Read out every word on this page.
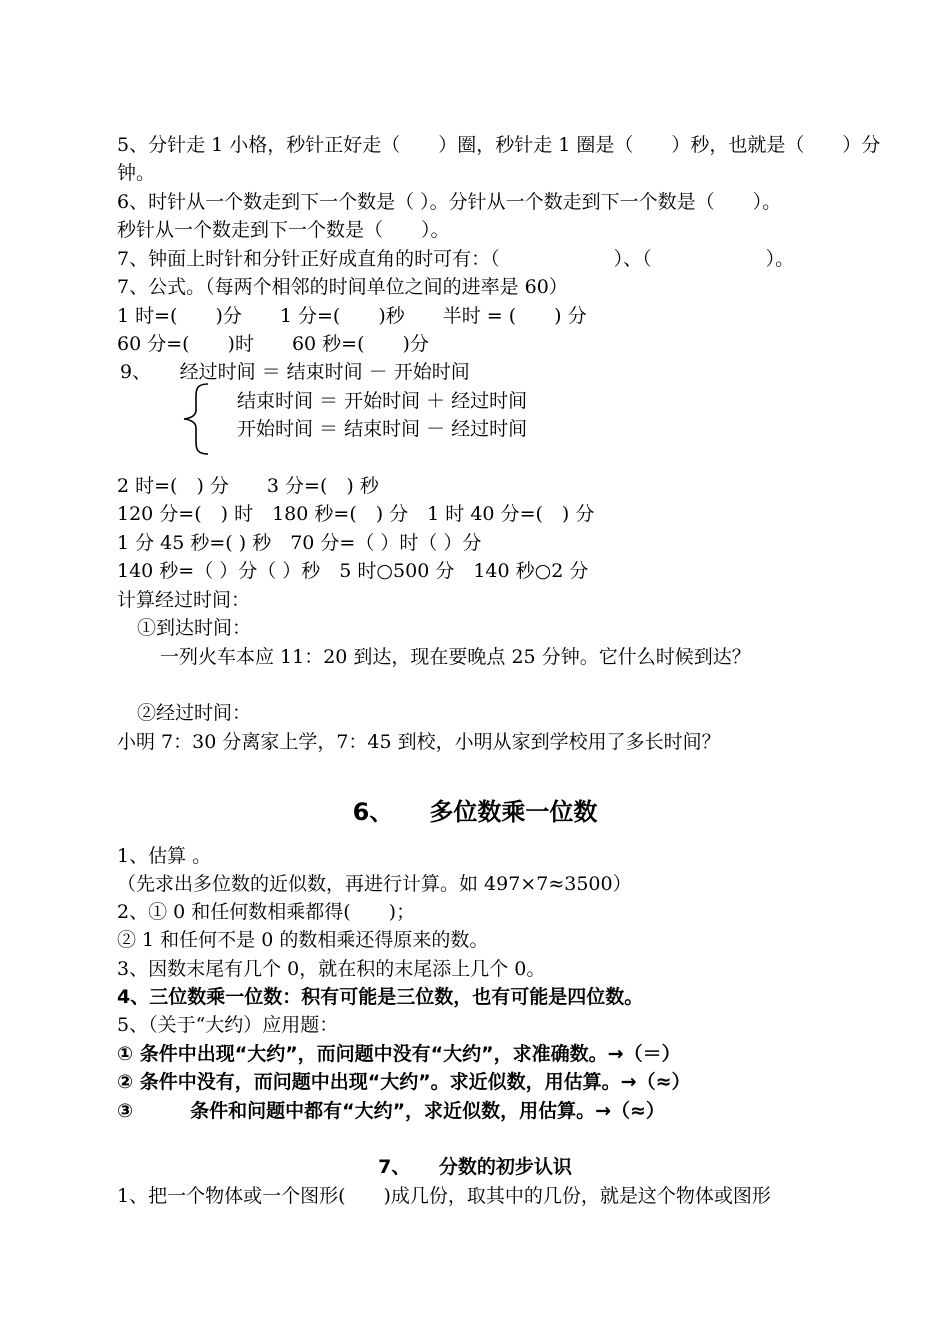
5、分针走 1 小格，秒针正好走（　　）圈，秒针走 1 圈是（　　）秒，也就是（　　）分

钟。

6、时针从一个数走到下一个数是（ ）。分针从一个数走到下一个数是（　　）。

秒针从一个数走到下一个数是（　　）。

7、钟面上时针和分针正好成直角的时可有：（　　　　　　）、（　　　　　　）。

7、公式。（每两个相邻的时间单位之间的进率是 60）

1 时=(　　)分　　1 分=(　　)秒　　半时 = (　　) 分

60 分=(　　)时　　60 秒=(　　)分

9、　　经过时间 ＝ 结束时间 － 开始时间

结束时间 ＝ 开始时间 ＋ 经过时间

开始时间 ＝ 结束时间 － 经过时间

2 时=(　) 分　　3 分=(　) 秒

120 分=(　) 时　180 秒=(　) 分　1 时 40 分=(　) 分

1 分 45 秒=( ) 秒　70 分=（ ）时（ ）分

140 秒=（ ）分（ ）秒　5 时○500 分　140 秒○2 分

计算经过时间：

①到达时间：

一列火车本应 11：20 到达，现在要晚点 25 分钟。它什么时候到达？

②经过时间：

小明 7：30 分离家上学，7：45 到校，小明从家到学校用了多长时间？

6、　　多位数乘一位数

1、估算 。

（先求出多位数的近似数，再进行计算。如 497×7≈3500）

2、① 0 和任何数相乘都得(　　)；

② 1 和任何不是 0 的数相乘还得原来的数。

3、因数末尾有几个 0，就在积的末尾添上几个 0。

4、三位数乘一位数：积有可能是三位数，也有可能是四位数。

5、（关于“大约）应用题：

① 条件中出现“大约”，而问题中没有“大约”，求准确数。→（＝）

② 条件中没有，而问题中出现“大约”。求近似数，用估算。→（≈）

③　　　条件和问题中都有“大约”，求近似数，用估算。→（≈）

7、　　分数的初步认识

1、把一个物体或一个图形(　　)成几份，取其中的几份，就是这个物体或图形
